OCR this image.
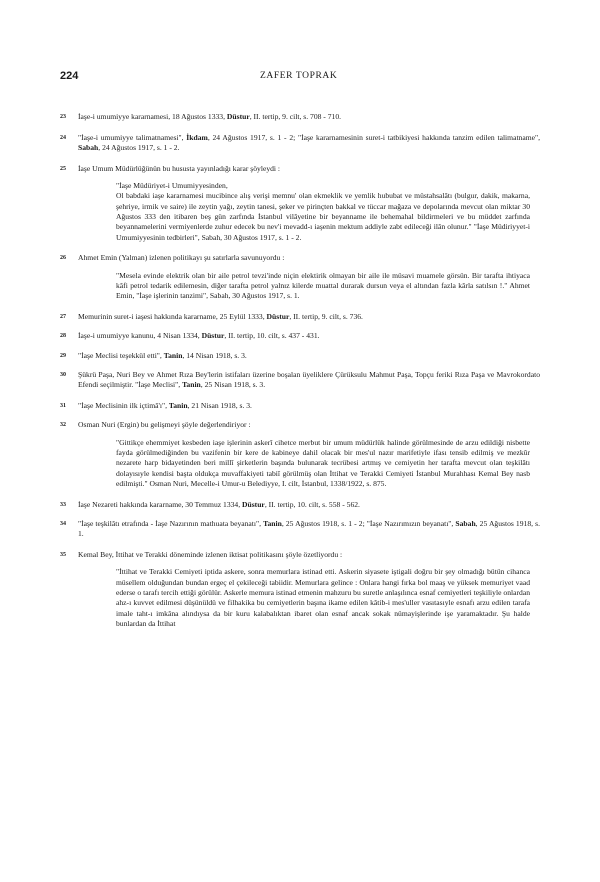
224	ZAFER TOPRAK
23 İaşe-i umumiyye kararnamesi, 18 Ağustos 1333, Düstur, II. tertip, 9. cilt, s. 708 - 710.
24 "İaşe-i umumiyye talimatnamesi", İkdam, 24 Ağustos 1917, s. 1 - 2; "İaşe kararnamesinin suret-i tatbikiyesi hakkında tanzim edilen talimatname", Sabah, 24 Ağustos 1917, s. 1 - 2.
25 İaşe Umum Müdürlüğünün bu hususta yayınladığı karar şöyleydi :

"İaşe Müdüriyet-i Umumiyyesinden,

Ol babdaki iaşe kararnamesi mucibince alış verişi memnu' olan ekmeklik ve yemlik hububat ve müstahsalâtı (bulgur, dakik, makarna, şehriye, irmik ve saire) ile zeytin yağı, zeytin tanesi, şeker ve pirinçten bakkal ve tüccar mağaza ve depolarında mevcut olan miktar 30 Ağustos 333 den itibaren beş gün zarfında İstanbul vilâyetine bir beyanname ile behemahal bildirmeleri ve bu müddet zarfında beyannamelerini vermiyenlerde zuhur edecek bu nev'i mevadd-ı iaşenin mektum addiyle zabt edileceği ilân olunur." "İaşe Müdiriyyet-i Umumiyyesinin tedbirleri", Sabah, 30 Ağustos 1917, s. 1 - 2.

26 Ahmet Emin (Yalman) izlenen politikayı şu satırlarla savunuyordu :

"Mesela evinde elektrik olan bir aile petrol tevzi'inde niçin elektirik olmayan bir aile ile müsavi muamele görsün. Bir tarafta ihtiyaca kâfi petrol tedarik edilemesin, diğer tarafta petrol yalnız kilerde muattal durarak dursun veya el altından fazla kârla satılsın !." Ahmet Emin, "İaşe işlerinin tanzimi", Sabah, 30 Ağustos 1917, s. 1.

27 Memurinin suret-i iaşesi hakkında kararname, 25 Eylül 1333, Düstur, II. tertip, 9. cilt, s. 736.
28 İaşe-i umumiyye kanunu, 4 Nisan 1334, Düstur, II. tertip, 10. cilt, s. 437 - 431.
29 "İaşe Meclisi teşekkül etti", Tanin, 14 Nisan 1918, s. 3.
30 Şükrü Paşa, Nuri Bey ve Ahmet Rıza Bey'lerin istifaları üzerine boşalan üyeliklere Çürüksulu Mahmut Paşa, Topçu feriki Rıza Paşa ve Mavrokordato Efendi seçilmiştir. "İaşe Meclisi", Tanin, 25 Nisan 1918, s. 3.
31 "İaşe Meclisinin ilk içtimâ'ı", Tanin, 21 Nisan 1918, s. 3.
32 Osman Nuri (Ergin) bu gelişmeyi şöyle değerlendiriyor :

"Gittikçe ehemmiyet kesbeden iaşe işlerinin askerî cihetce merbut bir umum müdürlük halinde görülmesinde de arzu edildiği nisbette fayda görülmediğinden bu vazifenin bir kere de kabineye dahil olacak bir mes'ul nazır marifetiyle ifası tensib edilmiş ve mezkûr nezarete harp bidayetinden beri millî şirketlerin başında bulunarak tecrübesi artmış ve cemiyetin her tarafta mevcut olan teşkilâtı dolayısıyle kendisi başta oldukça muvaffakiyeti tabiî görülmüş olan İttihat ve Terakki Cemiyeti İstanbul Murahhası Kemal Bey nasb edilmişti." Osman Nuri, Mecelle-i Umur-u Belediyye, I. cilt, İstanbul, 1338/1922, s. 875.

33 İaşe Nezareti hakkında kararname, 30 Temmuz 1334, Düstur, II. tertip, 10. cilt, s. 558 - 562.
34 "İaşe teşkilâtı etrafında - İaşe Nazırının mathuata beyanatı", Tanin, 25 Ağustos 1918, s. 1 - 2; "İaşe Nazırımızın beyanatı", Sabah, 25 Ağustos 1918, s. 1.
35 Kemal Bey, İttihat ve Terakki döneminde izlenen iktisat politikasını şöyle özetliyordu :

"İttihat ve Terakki Cemiyeti iptida askere, sonra memurlara istinad etti. Askerin siyasete iştigali doğru bir şey olmadığı bütün cihanca müsellem olduğundan bundan ergeç el çekileceği tabiidir. Memurlara gelince : Onlara hangi fırka bol maaş ve yüksek memuriyet vaad ederse o tarafı tercih ettiği görülür. Askerle memura istinad etmenin mahzuru bu suretle anlaşılınca esnaf cemiyetleri teşkiliyle onlardan ahz-ı kuvvet edilmesi düşünüldü ve filhakika bu cemiyetlerin başına ikame edilen kâtib-i mes'uller vasıtasıyle esnafı arzu edilen tarafa imale taht-ı imkâna alındıysa da bir kuru kalabalıktan ibaret olan esnaf ancak sokak nümayişlerinde işe yaramaktadır. Şu halde bunlardan da İttihat
